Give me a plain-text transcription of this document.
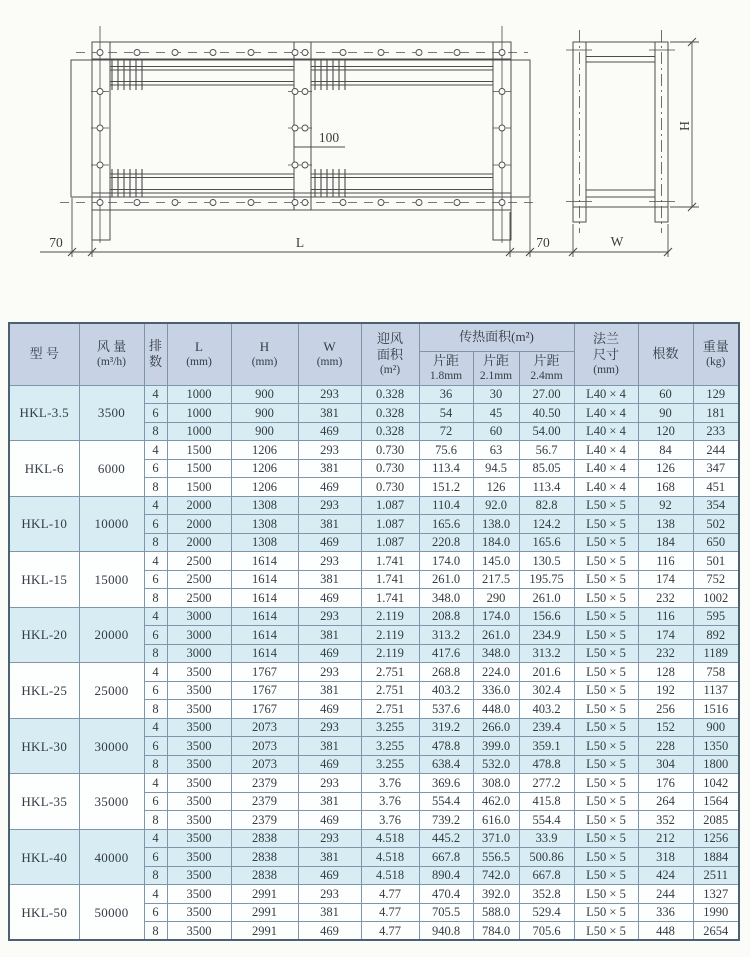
100
70	L	70
H
W
型 号	风 量
(m³/h)

排
数

L
(mm)

H
(mm)

W
(mm)

迎风
面积
(m²)
	传热面积(m²)	法兰
尺寸
(mm)
	根数	重量
(kg)

片距
1.8mm

片距
2.1mm

片距
2.4mm

HKL-3.5	3500	4	1000	900	293	0.328	36	30	27.00	L40 × 4	60	129
		6	1000	900	381	0.328	54	45	40.50	L40 × 4	90	181
		8	1000	900	469	0.328	72	60	54.00	L40 × 4	120	233
HKL-6	6000	4	1500	1206	293	0.730	75.6	63	56.7	L40 × 4	84	244
		6	1500	1206	381	0.730	113.4	94.5	85.05	L40 × 4	126	347
		8	1500	1206	469	0.730	151.2	126	113.4	L40 × 4	168	451
HKL-10	10000	4	2000	1308	293	1.087	110.4	92.0	82.8	L50 × 5	92	354
		6	2000	1308	381	1.087	165.6	138.0	124.2	L50 × 5	138	502
		8	2000	1308	469	1.087	220.8	184.0	165.6	L50 × 5	184	650
HKL-15	15000	4	2500	1614	293	1.741	174.0	145.0	130.5	L50 × 5	116	501
		6	2500	1614	381	1.741	261.0	217.5	195.75	L50 × 5	174	752
		8	2500	1614	469	1.741	348.0	290	261.0	L50 × 5	232	1002
HKL-20	20000	4	3000	1614	293	2.119	208.8	174.0	156.6	L50 × 5	116	595
		6	3000	1614	381	2.119	313.2	261.0	234.9	L50 × 5	174	892
		8	3000	1614	469	2.119	417.6	348.0	313.2	L50 × 5	232	1189
HKL-25	25000	4	3500	1767	293	2.751	268.8	224.0	201.6	L50 × 5	128	758
		6	3500	1767	381	2.751	403.2	336.0	302.4	L50 × 5	192	1137
		8	3500	1767	469	2.751	537.6	448.0	403.2	L50 × 5	256	1516
HKL-30	30000	4	3500	2073	293	3.255	319.2	266.0	239.4	L50 × 5	152	900
		6	3500	2073	381	3.255	478.8	399.0	359.1	L50 × 5	228	1350
		8	3500	2073	469	3.255	638.4	532.0	478.8	L50 × 5	304	1800
HKL-35	35000	4	3500	2379	293	3.76	369.6	308.0	277.2	L50 × 5	176	1042
		6	3500	2379	381	3.76	554.4	462.0	415.8	L50 × 5	264	1564
		8	3500	2379	469	3.76	739.2	616.0	554.4	L50 × 5	352	2085
HKL-40	40000	4	3500	2838	293	4.518	445.2	371.0	33.9	L50 × 5	212	1256
		6	3500	2838	381	4.518	667.8	556.5	500.86	L50 × 5	318	1884
		8	3500	2838	469	4.518	890.4	742.0	667.8	L50 × 5	424	2511
HKL-50	50000	4	3500	2991	293	4.77	470.4	392.0	352.8	L50 × 5	244	1327
		6	3500	2991	381	4.77	705.5	588.0	529.4	L50 × 5	336	1990
		8	3500	2991	469	4.77	940.8	784.0	705.6	L50 × 5	448	2654
